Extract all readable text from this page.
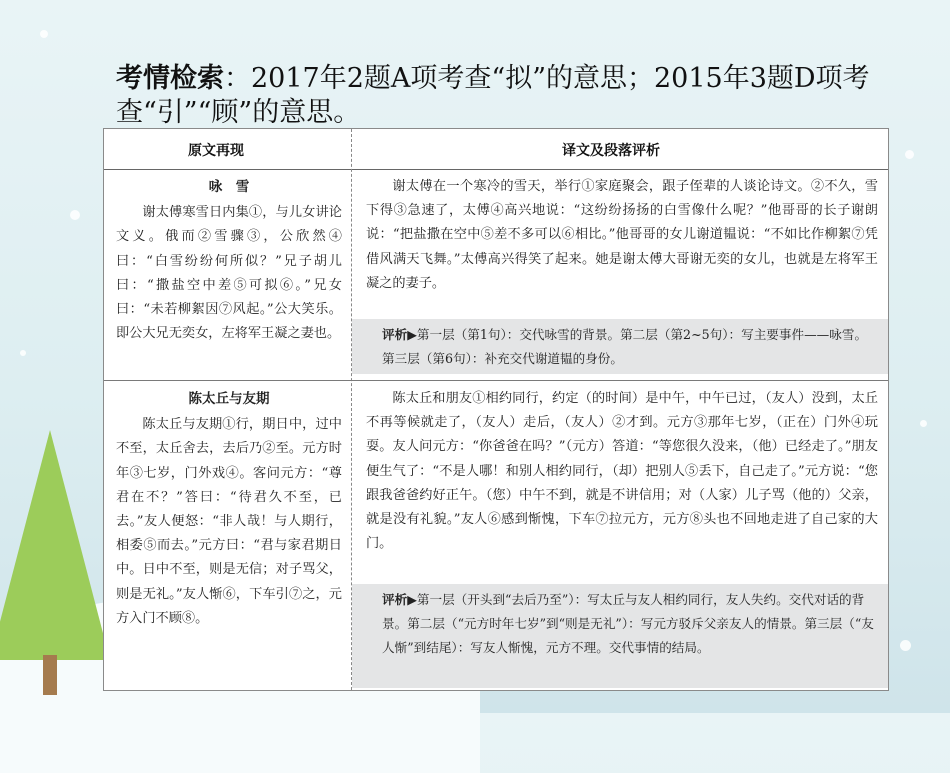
考情检索：2017年2题A项考查“拟”的意思；2015年3题D项考查“引”“顾”的意思。
原文再现	译文及段落评析
咏　雪

谢太傅寒雪日内集①，与儿女讲论文义。俄而②雪骤③，公欣然④曰：“白雪纷纷何所似？”兄子胡儿曰：“撒盐空中差⑤可拟⑥。”兄女曰：“未若柳絮因⑦风起。”公大笑乐。即公大兄无奕女，左将军王凝之妻也。

谢太傅在一个寒冷的雪天，举行①家庭聚会，跟子侄辈的人谈论诗文。②不久，雪下得③急速了，太傅④高兴地说：“这纷纷扬扬的白雪像什么呢？”他哥哥的长子谢朗说：“把盐撒在空中⑤差不多可以⑥相比。”他哥哥的女儿谢道韫说：“不如比作柳絮⑦凭借风满天飞舞。”太傅高兴得笑了起来。她是谢太傅大哥谢无奕的女儿，也就是左将军王凝之的妻子。

评析▶第一层（第1句）：交代咏雪的背景。第二层（第2~5句）：写主要事件——咏雪。第三层（第6句）：补充交代谢道韫的身份。
陈太丘与友期

陈太丘与友期①行，期日中，过中不至，太丘舍去，去后乃②至。元方时年③七岁，门外戏④。客问元方：“尊君在不？”答曰：“待君久不至，已去。”友人便怒：“非人哉！与人期行，相委⑤而去。”元方曰：“君与家君期日中。日中不至，则是无信；对子骂父，则是无礼。”友人惭⑥，下车引⑦之，元方入门不顾⑧。

陈太丘和朋友①相约同行，约定（的时间）是中午，中午已过，（友人）没到，太丘不再等候就走了，（友人）走后，（友人）②才到。元方③那年七岁，（正在）门外④玩耍。友人问元方：“你爸爸在吗？”（元方）答道：“等您很久没来，（他）已经走了。”朋友便生气了：“不是人哪！和别人相约同行，（却）把别人⑤丢下，自己走了。”元方说：“您跟我爸爸约好正午。（您）中午不到，就是不讲信用；对（人家）儿子骂（他的）父亲，就是没有礼貌。”友人⑥感到惭愧，下车⑦拉元方，元方⑧头也不回地走进了自己家的大门。

评析▶第一层（开头到“去后乃至”）：写太丘与友人相约同行，友人失约。交代对话的背景。第二层（“元方时年七岁”到“则是无礼”）：写元方驳斥父亲友人的情景。第三层（“友人惭”到结尾）：写友人惭愧，元方不理。交代事情的结局。
